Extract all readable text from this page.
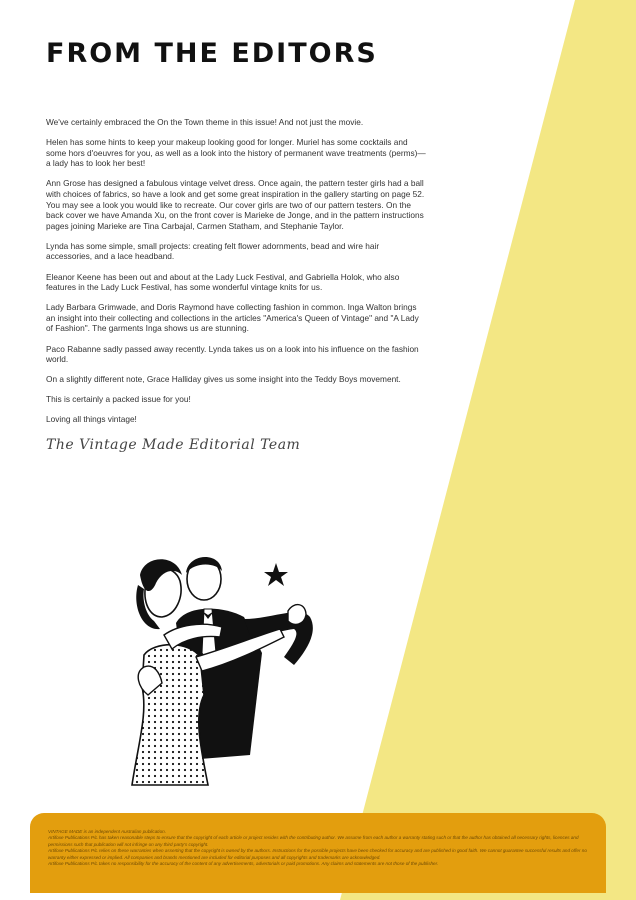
FROM THE EDITORS

We've certainly embraced the On the Town theme in this issue! And not just the movie.

Helen has some hints to keep your makeup looking good for longer. Muriel has some cocktails and some hors d'oeuvres for you, as well as a look into the history of permanent wave treatments (perms)—a lady has to look her best!

Ann Grose has designed a fabulous vintage velvet dress. Once again, the pattern tester girls had a ball with choices of fabrics, so have a look and get some great inspiration in the gallery starting on page 52. You may see a look you would like to recreate. Our cover girls are two of our pattern testers. On the back cover we have Amanda Xu, on the front cover is Marieke de Jonge, and in the pattern instructions pages joining Marieke are Tina Carbajal, Carmen Statham, and Stephanie Taylor.

Lynda has some simple, small projects: creating felt flower adornments, bead and wire hair accessories, and a lace headband.

Eleanor Keene has been out and about at the Lady Luck Festival, and Gabriella Holok, who also features in the Lady Luck Festival, has some wonderful vintage knits for us.

Lady Barbara Grimwade, and Doris Raymond have collecting fashion in common. Inga Walton brings an insight into their collecting and collections in the articles "America's Queen of Vintage" and "A Lady of Fashion". The garments Inga shows us are stunning.

Paco Rabanne sadly passed away recently. Lynda takes us on a look into his influence on the fashion world.

On a slightly different note, Grace Halliday gives us some insight into the Teddy Boys movement.

This is certainly a packed issue for you!

Loving all things vintage!

The Vintage Made Editorial Team
VINTAGE MADE is an independent Australian publication.
Artifoxe Publications P/L has taken reasonable steps to ensure that the copyright of each article or project resides with the contributing author. We assume from each author a warranty stating such or that the author has obtained all necessary rights, licences and permissions such that publication will not infringe on any third party's copyright.
Artifoxe Publications P/L relies on these warranties when asserting that the copyright is owned by the authors. Instructions for the possible projects have been checked for accuracy and are published in good faith. We cannot guarantee successful results and offer no warranty either expressed or implied. All companies and brands mentioned are included for editorial purposes and all copyrights and trademarks are acknowledged.
Artifoxe Publications P/L takes no responsibility for the accuracy of the content of any advertisements, advertorials or paid promotions. Any claims and statements are not those of the publisher.
